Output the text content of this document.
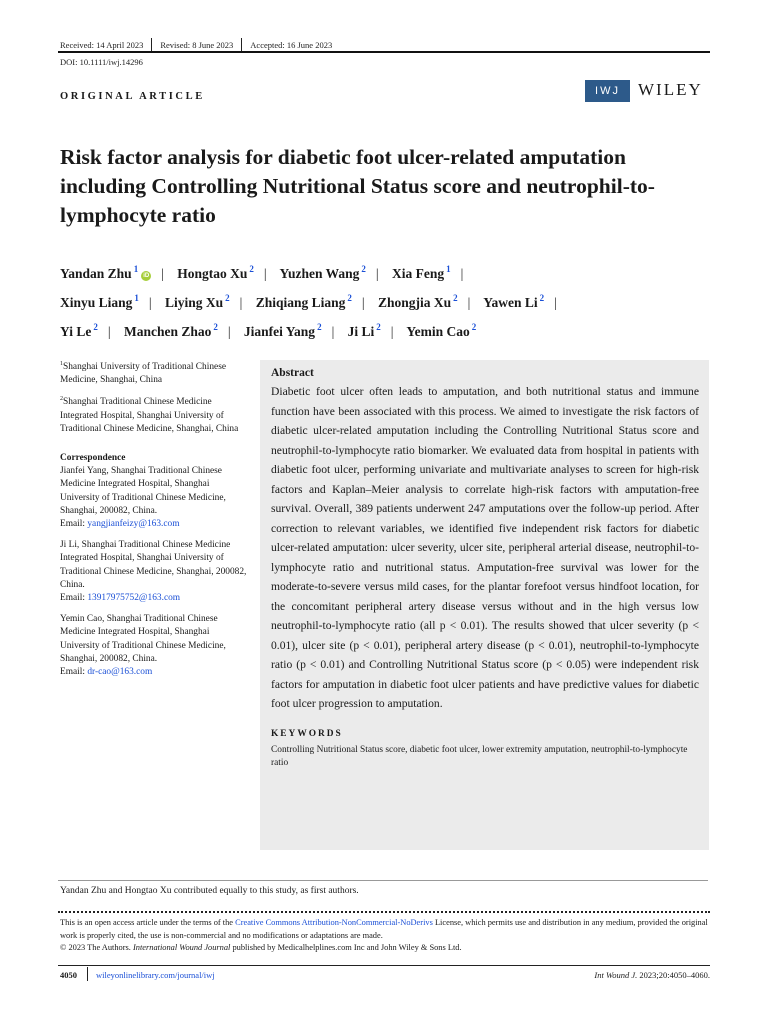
Received: 14 April 2023 Revised: 8 June 2023 Accepted: 16 June 2023
DOI: 10.1111/iwj.14296
ORIGINAL ARTICLE	IWJ	WILEY
Risk factor analysis for diabetic foot ulcer-related amputation including Controlling Nutritional Status score and neutrophil-to-lymphocyte ratio
Yandan Zhu $^1$iD | Hongtao Xu $^2$ | Yuzhen Wang $^2$ | Xia Feng $^1$ |
Xinyu Liang $^1$ | Liying Xu $^2$ | Zhiqiang Liang $^2$ | Zhongjia Xu $^2$ | Yawen Li $^2$ |
Yi Le $^2$ | Manchen Zhao $^2$ | Jianfei Yang $^2$ | Ji Li $^2$ | Yemin Cao $^2$
$^1$Shanghai University of Traditional Chinese Medicine, Shanghai, China
$^2$Shanghai Traditional Chinese Medicine Integrated Hospital, Shanghai University of Traditional Chinese Medicine, Shanghai, China
Correspondence
Jianfei Yang, Shanghai Traditional Chinese Medicine Integrated Hospital, Shanghai University of Traditional Chinese Medicine, Shanghai, 200082, China.
Email: yangjianfeizy@163.com
Ji Li, Shanghai Traditional Chinese Medicine Integrated Hospital, Shanghai University of Traditional Chinese Medicine, Shanghai, 200082, China.
Email: 13917975752@163.com
Yemin Cao, Shanghai Traditional Chinese Medicine Integrated Hospital, Shanghai University of Traditional Chinese Medicine, Shanghai, 200082, China.
Email: dr-cao@163.com
Abstract

Diabetic foot ulcer often leads to amputation, and both nutritional status and immune function have been associated with this process. We aimed to investigate the risk factors of diabetic ulcer-related amputation including the Controlling Nutritional Status score and neutrophil-to-lymphocyte ratio biomarker. We evaluated data from hospital in patients with diabetic foot ulcer, performing univariate and multivariate analyses to screen for high-risk factors and Kaplan–Meier analysis to correlate high-risk factors with amputation-free survival. Overall, 389 patients underwent 247 amputations over the follow-up period. After correction to relevant variables, we identified five independent risk factors for diabetic ulcer-related amputation: ulcer severity, ulcer site, peripheral arterial disease, neutrophil-to-lymphocyte ratio and nutritional status. Amputation-free survival was lower for the moderate-to-severe versus mild cases, for the plantar forefoot versus hindfoot location, for the concomitant peripheral artery disease versus without and in the high versus low neutrophil-to-lymphocyte ratio (all p < 0.01). The results showed that ulcer severity (p < 0.01), ulcer site (p < 0.01), peripheral artery disease (p < 0.01), neutrophil-to-lymphocyte ratio (p < 0.01) and Controlling Nutritional Status score (p < 0.05) were independent risk factors for amputation in diabetic foot ulcer patients and have predictive values for diabetic foot ulcer progression to amputation.

KEYWORDS
Controlling Nutritional Status score, diabetic foot ulcer, lower extremity amputation, neutrophil-to-lymphocyte ratio
Yandan Zhu and Hongtao Xu contributed equally to this study, as first authors.
This is an open access article under the terms of the Creative Commons Attribution-NonCommercial-NoDerivs License, which permits use and distribution in any medium, provided the original work is properly cited, the use is non-commercial and no modifications or adaptations are made.
© 2023 The Authors. International Wound Journal published by Medicalhelplines.com Inc and John Wiley & Sons Ltd.
4050 wileyonlinelibrary.com/journal/iwj	Int Wound J. 2023;20:4050–4060.
